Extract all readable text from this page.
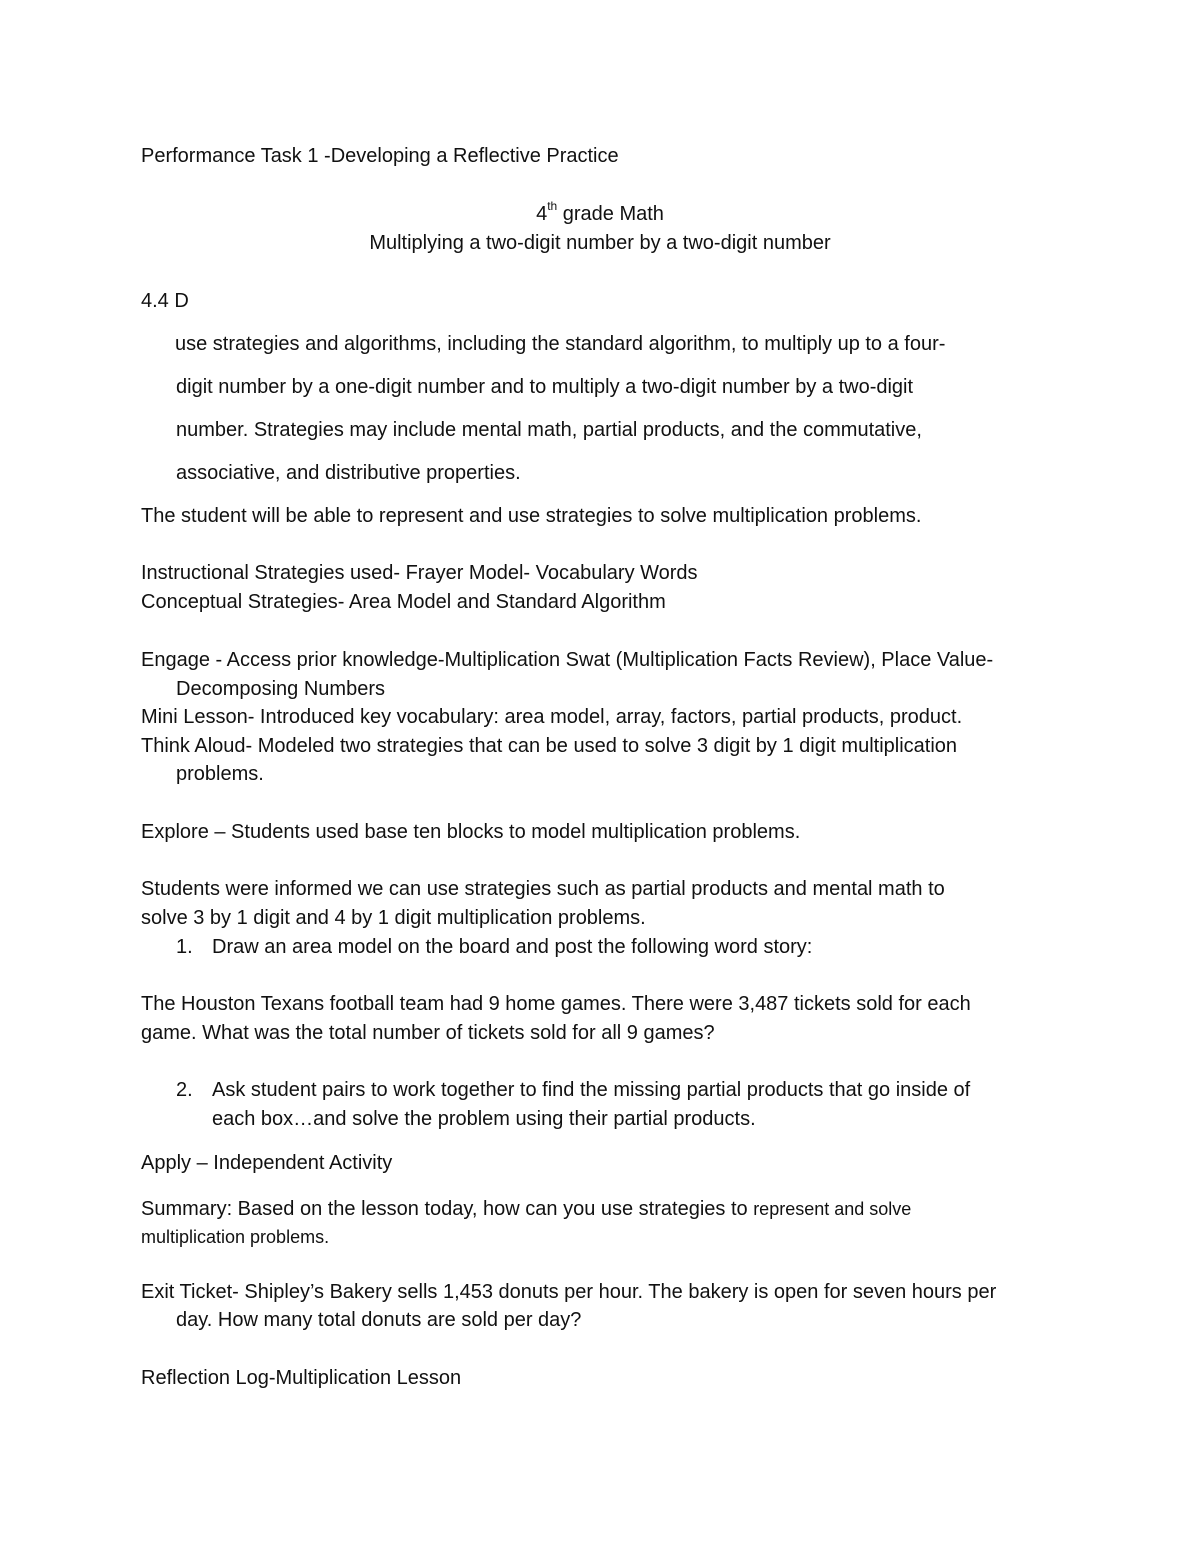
Performance Task 1 -Developing a Reflective Practice
4th grade Math
Multiplying a two-digit number by a two-digit number
4.4 D
use strategies and algorithms, including the standard algorithm, to multiply up to a four-
digit number by a one-digit number and to multiply a two-digit number by a two-digit
number. Strategies may include mental math, partial products, and the commutative,
associative, and distributive properties.
The student will be able to represent and use strategies to solve multiplication problems.
Instructional Strategies used- Frayer Model- Vocabulary Words
Conceptual Strategies- Area Model and Standard Algorithm
Engage - Access prior knowledge-Multiplication Swat (Multiplication Facts Review), Place Value-
Decomposing Numbers
Mini Lesson- Introduced key vocabulary: area model, array, factors, partial products, product.
Think Aloud- Modeled two strategies that can be used to solve 3 digit by 1 digit multiplication
problems.
Explore – Students used base ten blocks to model multiplication problems.
Students were informed we can use strategies such as partial products and mental math to
solve 3 by 1 digit and 4 by 1 digit multiplication problems.
1. Draw an area model on the board and post the following word story:
The Houston Texans football team had 9 home games. There were 3,487 tickets sold for each
game. What was the total number of tickets sold for all 9 games?
2. Ask student pairs to work together to find the missing partial products that go inside of
each box…and solve the problem using their partial products.
Apply – Independent Activity
Summary: Based on the lesson today, how can you use strategies to represent and solve
multiplication problems.
Exit Ticket- Shipley’s Bakery sells 1,453 donuts per hour. The bakery is open for seven hours per
day. How many total donuts are sold per day?
Reflection Log-Multiplication Lesson
